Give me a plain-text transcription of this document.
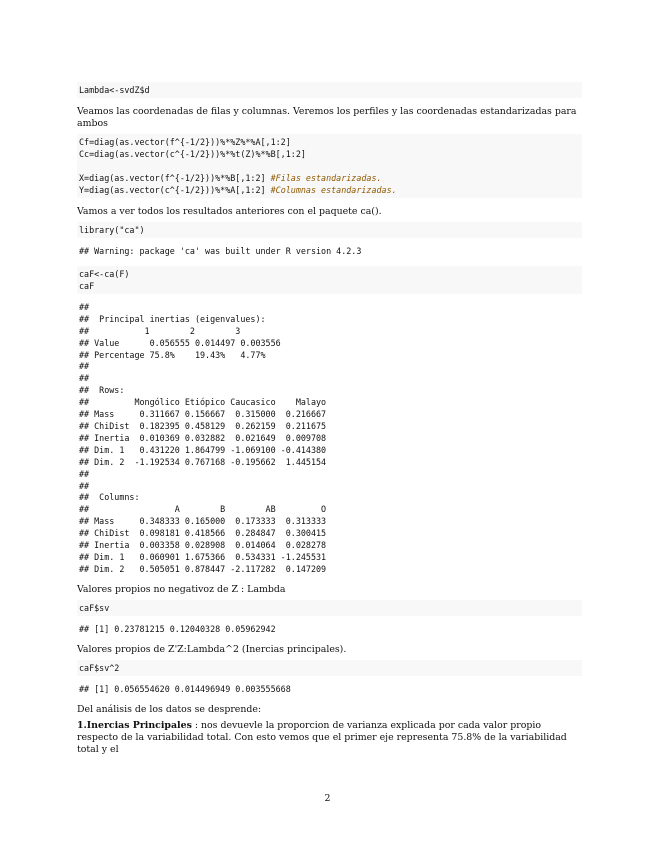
Lambda<-svdZ$d

Veamos las coordenadas de filas y columnas. Veremos los perfiles y las coordenadas estandarizadas para ambos

Cf=diag(as.vector(f^{-1/2}))%*%Z%*%A[,1:2]
Cc=diag(as.vector(c^{-1/2}))%*%t(Z)%*%B[,1:2]

X=diag(as.vector(f^{-1/2}))%*%B[,1:2] #Filas estandarizadas.
Y=diag(as.vector(c^{-1/2}))%*%A[,1:2] #Columnas estandarizadas.

Vamos a ver todos los resultados anteriores con el paquete ca().

library("ca")
## Warning: package 'ca' was built under R version 4.2.3
caF<-ca(F)
caF
##
##  Principal inertias (eigenvalues):
##           1        2        3
## Value      0.056555 0.014497 0.003556
## Percentage 75.8%    19.43%   4.77%
##
##
##  Rows:
##         Mongólico Etiópico Caucasico    Malayo
## Mass     0.311667 0.156667  0.315000  0.216667
## ChiDist  0.182395 0.458129  0.262159  0.211675
## Inertia  0.010369 0.032882  0.021649  0.009708
## Dim. 1   0.431220 1.864799 -1.069100 -0.414380
## Dim. 2  -1.192534 0.767168 -0.195662  1.445154
##
##
##  Columns:
##                 A        B        AB         O
## Mass     0.348333 0.165000  0.173333  0.313333
## ChiDist  0.098181 0.418566  0.284847  0.300415
## Inertia  0.003358 0.028908  0.014064  0.028278
## Dim. 1   0.060901 1.675366  0.534331 -1.245531
## Dim. 2   0.505051 0.878447 -2.117282  0.147209

Valores propios no negativoz de Z : Lambda

caF$sv
## [1] 0.23781215 0.12040328 0.05962942

Valores propios de Z'Z:Lambda^2 (Inercias principales).

caF$sv^2
## [1] 0.056554620 0.014496949 0.003555668

Del análisis de los datos se desprende:

1.Inercias Principales : nos devuevle la proporcion de varianza explicada por cada valor propio respecto de la variabilidad total. Con esto vemos que el primer eje representa 75.8% de la variabilidad total y el

2
